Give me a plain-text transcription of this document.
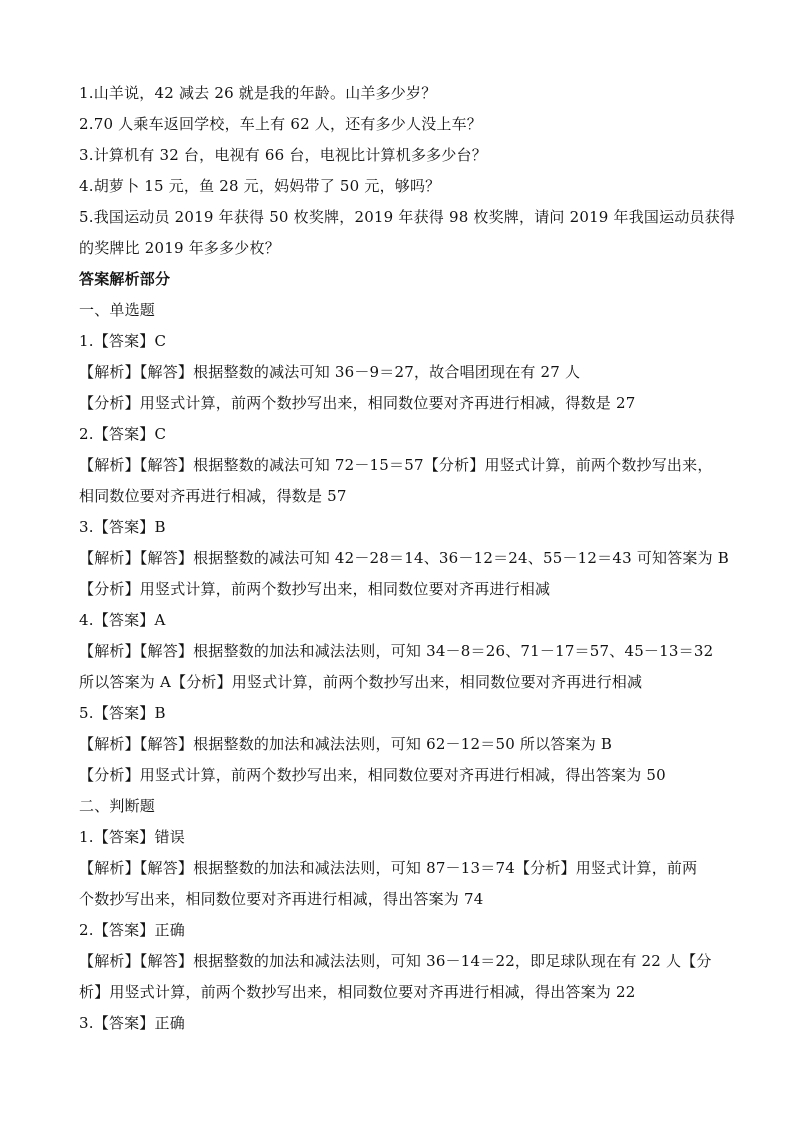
1.山羊说，42 减去 26 就是我的年龄。山羊多少岁？
2.70 人乘车返回学校，车上有 62 人，还有多少人没上车？
3.计算机有 32 台，电视有 66 台，电视比计算机多多少台？
4.胡萝卜 15 元，鱼 28 元，妈妈带了 50 元，够吗？
5.我国运动员 2019 年获得 50 枚奖牌，2019 年获得 98 枚奖牌，请问 2019 年我国运动员获得
的奖牌比 2019 年多多少枚？
答案解析部分
一、单选题
1.【答案】C
【解析】【解答】根据整数的减法可知 36－9＝27，故合唱团现在有 27 人
【分析】用竖式计算，前两个数抄写出来，相同数位要对齐再进行相减，得数是 27
2.【答案】C
【解析】【解答】根据整数的减法可知 72－15＝57【分析】用竖式计算，前两个数抄写出来，
相同数位要对齐再进行相减，得数是 57
3.【答案】B
【解析】【解答】根据整数的减法可知 42－28＝14、36－12＝24、55－12＝43 可知答案为 B
【分析】用竖式计算，前两个数抄写出来，相同数位要对齐再进行相减
4.【答案】A
【解析】【解答】根据整数的加法和减法法则，可知 34－8＝26、71－17＝57、45－13＝32
所以答案为 A【分析】用竖式计算，前两个数抄写出来，相同数位要对齐再进行相减
5.【答案】B
【解析】【解答】根据整数的加法和减法法则，可知 62－12＝50 所以答案为 B
【分析】用竖式计算，前两个数抄写出来，相同数位要对齐再进行相减，得出答案为 50
二、判断题
1.【答案】错误
【解析】【解答】根据整数的加法和减法法则，可知 87－13＝74【分析】用竖式计算，前两
个数抄写出来，相同数位要对齐再进行相减，得出答案为 74
2.【答案】正确
【解析】【解答】根据整数的加法和减法法则，可知 36－14＝22，即足球队现在有 22 人【分
析】用竖式计算，前两个数抄写出来，相同数位要对齐再进行相减，得出答案为 22
3.【答案】正确
